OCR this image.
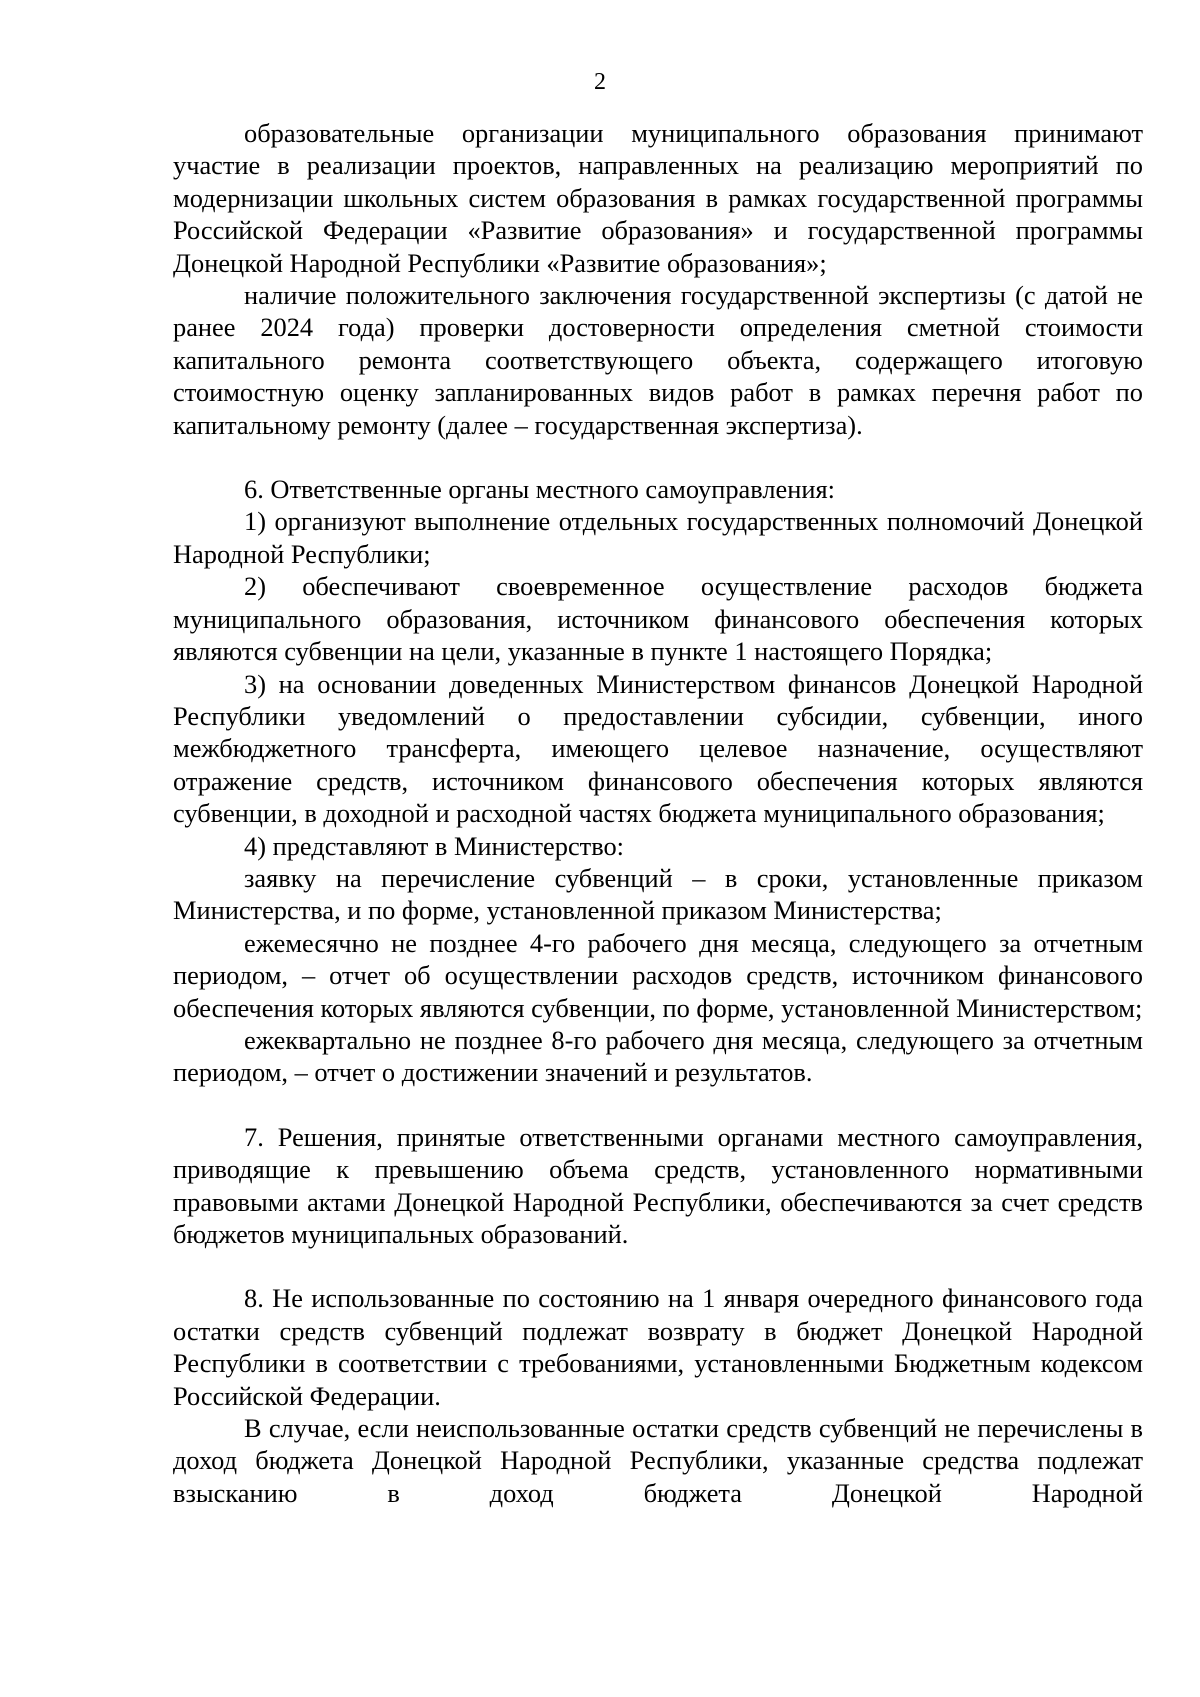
2

образовательные организации муниципального образования принимают участие в реализации проектов, направленных на реализацию мероприятий по модернизации школьных систем образования в рамках государственной программы Российской Федерации «Развитие образования» и государственной программы Донецкой Народной Республики «Развитие образования»;

наличие положительного заключения государственной экспертизы (с датой не ранее 2024 года) проверки достоверности определения сметной стоимости капитального ремонта соответствующего объекта, содержащего итоговую стоимостную оценку запланированных видов работ в рамках перечня работ по капитальному ремонту (далее – государственная экспертиза).

6. Ответственные органы местного самоуправления:

1) организуют выполнение отдельных государственных полномочий Донецкой Народной Республики;

2) обеспечивают своевременное осуществление расходов бюджета муниципального образования, источником финансового обеспечения которых являются субвенции на цели, указанные в пункте 1 настоящего Порядка;

3) на основании доведенных Министерством финансов Донецкой Народной Республики уведомлений о предоставлении субсидии, субвенции, иного межбюджетного трансферта, имеющего целевое назначение, осуществляют отражение средств, источником финансового обеспечения которых являются субвенции, в доходной и расходной частях бюджета муниципального образования;

4) представляют в Министерство:

заявку на перечисление субвенций – в сроки, установленные приказом Министерства, и по форме, установленной приказом Министерства;

ежемесячно не позднее 4-го рабочего дня месяца, следующего за отчетным периодом, – отчет об осуществлении расходов средств, источником финансового обеспечения которых являются субвенции, по форме, установленной Министерством;

ежеквартально не позднее 8-го рабочего дня месяца, следующего за отчетным периодом, – отчет о достижении значений и результатов.

7. Решения, принятые ответственными органами местного самоуправления, приводящие к превышению объема средств, установленного нормативными правовыми актами Донецкой Народной Республики, обеспечиваются за счет средств бюджетов муниципальных образований.

8. Не использованные по состоянию на 1 января очередного финансового года остатки средств субвенций подлежат возврату в бюджет Донецкой Народной Республики в соответствии с требованиями, установленными Бюджетным кодексом Российской Федерации.

В случае, если неиспользованные остатки средств субвенций не перечислены в доход бюджета Донецкой Народной Республики, указанные средства подлежат взысканию в доход бюджета Донецкой Народной
